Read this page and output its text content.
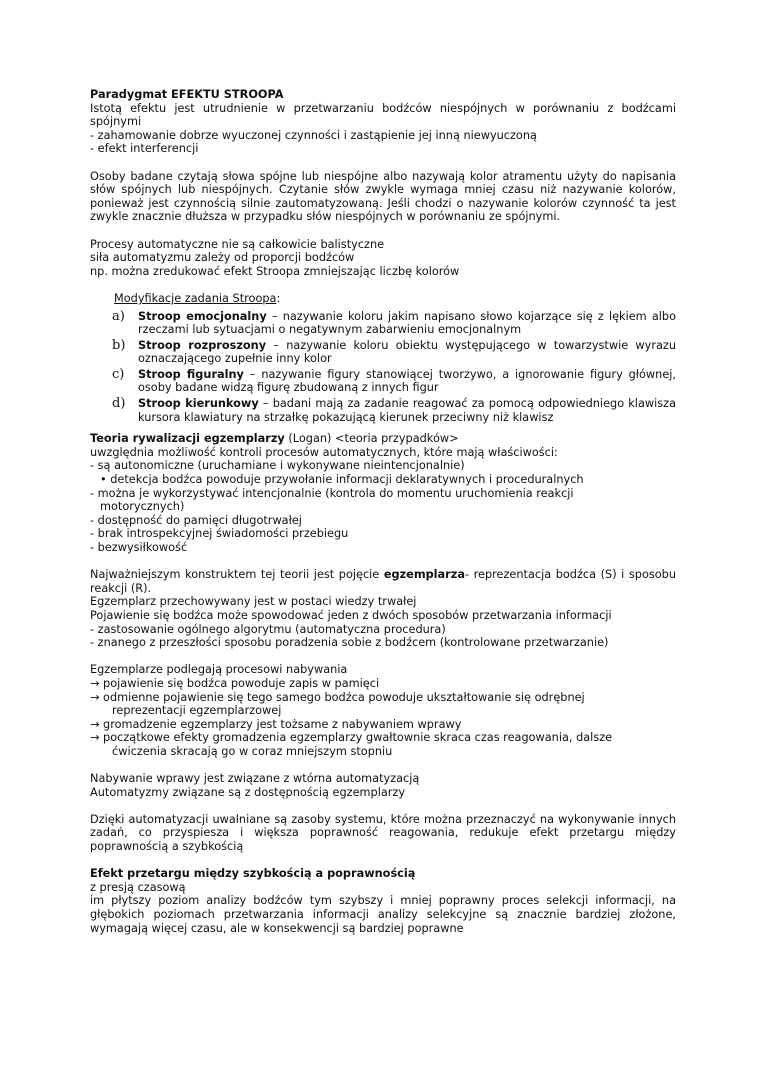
Paradygmat EFEKTU STROOPA

Istotą efektu jest utrudnienie w przetwarzaniu bodźców niespójnych w porównaniu z bodźcami spójnymi

- zahamowanie dobrze wyuczonej czynności i zastąpienie jej inną niewyuczoną

- efekt interferencji

Osoby badane czytają słowa spójne lub niespójne albo nazywają kolor atramentu użyty do napisania słów spójnych lub niespójnych. Czytanie słów zwykle wymaga mniej czasu niż nazywanie kolorów, ponieważ jest czynnością silnie zautomatyzowaną. Jeśli chodzi o nazywanie kolorów czynność ta jest zwykle znacznie dłuższa w przypadku słów niespójnych w porównaniu ze spójnymi.

Procesy automatyczne nie są całkowicie balistyczne

siła automatyzmu zależy od proporcji bodźców

np. można zredukować efekt Stroopa zmniejszając liczbę kolorów

Modyfikacje zadania Stroopa:

a)	Stroop emocjonalny – nazywanie koloru jakim napisano słowo kojarzące się z lękiem albo rzeczami lub sytuacjami o negatywnym zabarwieniu emocjonalnym
b)	Stroop rozproszony – nazywanie koloru obiektu występującego w towarzystwie wyrazu oznaczającego zupełnie inny kolor
c)	Stroop figuralny – nazywanie figury stanowiącej tworzywo, a ignorowanie figury głównej, osoby badane widzą figurę zbudowaną z innych figur
d)	Stroop kierunkowy – badani mają za zadanie reagować za pomocą odpowiedniego klawisza kursora klawiatury na strzałkę pokazującą kierunek przeciwny niż klawisz

Teoria rywalizacji egzemplarzy (Logan) <teoria przypadków>

uwzględnia możliwość kontroli procesów automatycznych, które mają właściwości:

- są autonomiczne (uruchamiane i wykonywane nieintencjonalnie)

• detekcja bodźca powoduje przywołanie informacji deklaratywnych i proceduralnych

- można je wykorzystywać intencjonalnie (kontrola do momentu uruchomienia reakcji

motorycznych)

- dostępność do pamięci długotrwałej

- brak introspekcyjnej świadomości przebiegu

- bezwysiłkowość

Najważniejszym konstruktem tej teorii jest pojęcie egzemplarza- reprezentacja bodźca (S) i sposobu reakcji (R).

Egzemplarz przechowywany jest w postaci wiedzy trwałej

Pojawienie się bodźca może spowodować jeden z dwóch sposobów przetwarzania informacji

- zastosowanie ogólnego algorytmu (automatyczna procedura)

- znanego z przeszłości sposobu poradzenia sobie z bodźcem (kontrolowane przetwarzanie)

Egzemplarze podlegają procesowi nabywania

→ pojawienie się bodźca powoduje zapis w pamięci

→ odmienne pojawienie się tego samego bodźca powoduje ukształtowanie się odrębnej
reprezentacji egzemplarzowej

→ gromadzenie egzemplarzy jest tożsame z nabywaniem wprawy

→ początkowe efekty gromadzenia egzemplarzy gwałtownie skraca czas reagowania, dalsze
ćwiczenia skracają go w coraz mniejszym stopniu

Nabywanie wprawy jest związane z wtórna automatyzacją

Automatyzmy związane są z dostępnością egzemplarzy

Dzięki automatyzacji uwalniane są zasoby systemu, które można przeznaczyć na wykonywanie innych zadań, co przyspiesza i większa poprawność reagowania, redukuje efekt przetargu między poprawnością a szybkością

Efekt przetargu między szybkością a poprawnością

z presją czasową

im płytszy poziom analizy bodźców tym szybszy i mniej poprawny proces selekcji informacji, na głębokich poziomach przetwarzania informacji analizy selekcyjne są znacznie bardziej złożone, wymagają więcej czasu, ale w konsekwencji są bardziej poprawne
